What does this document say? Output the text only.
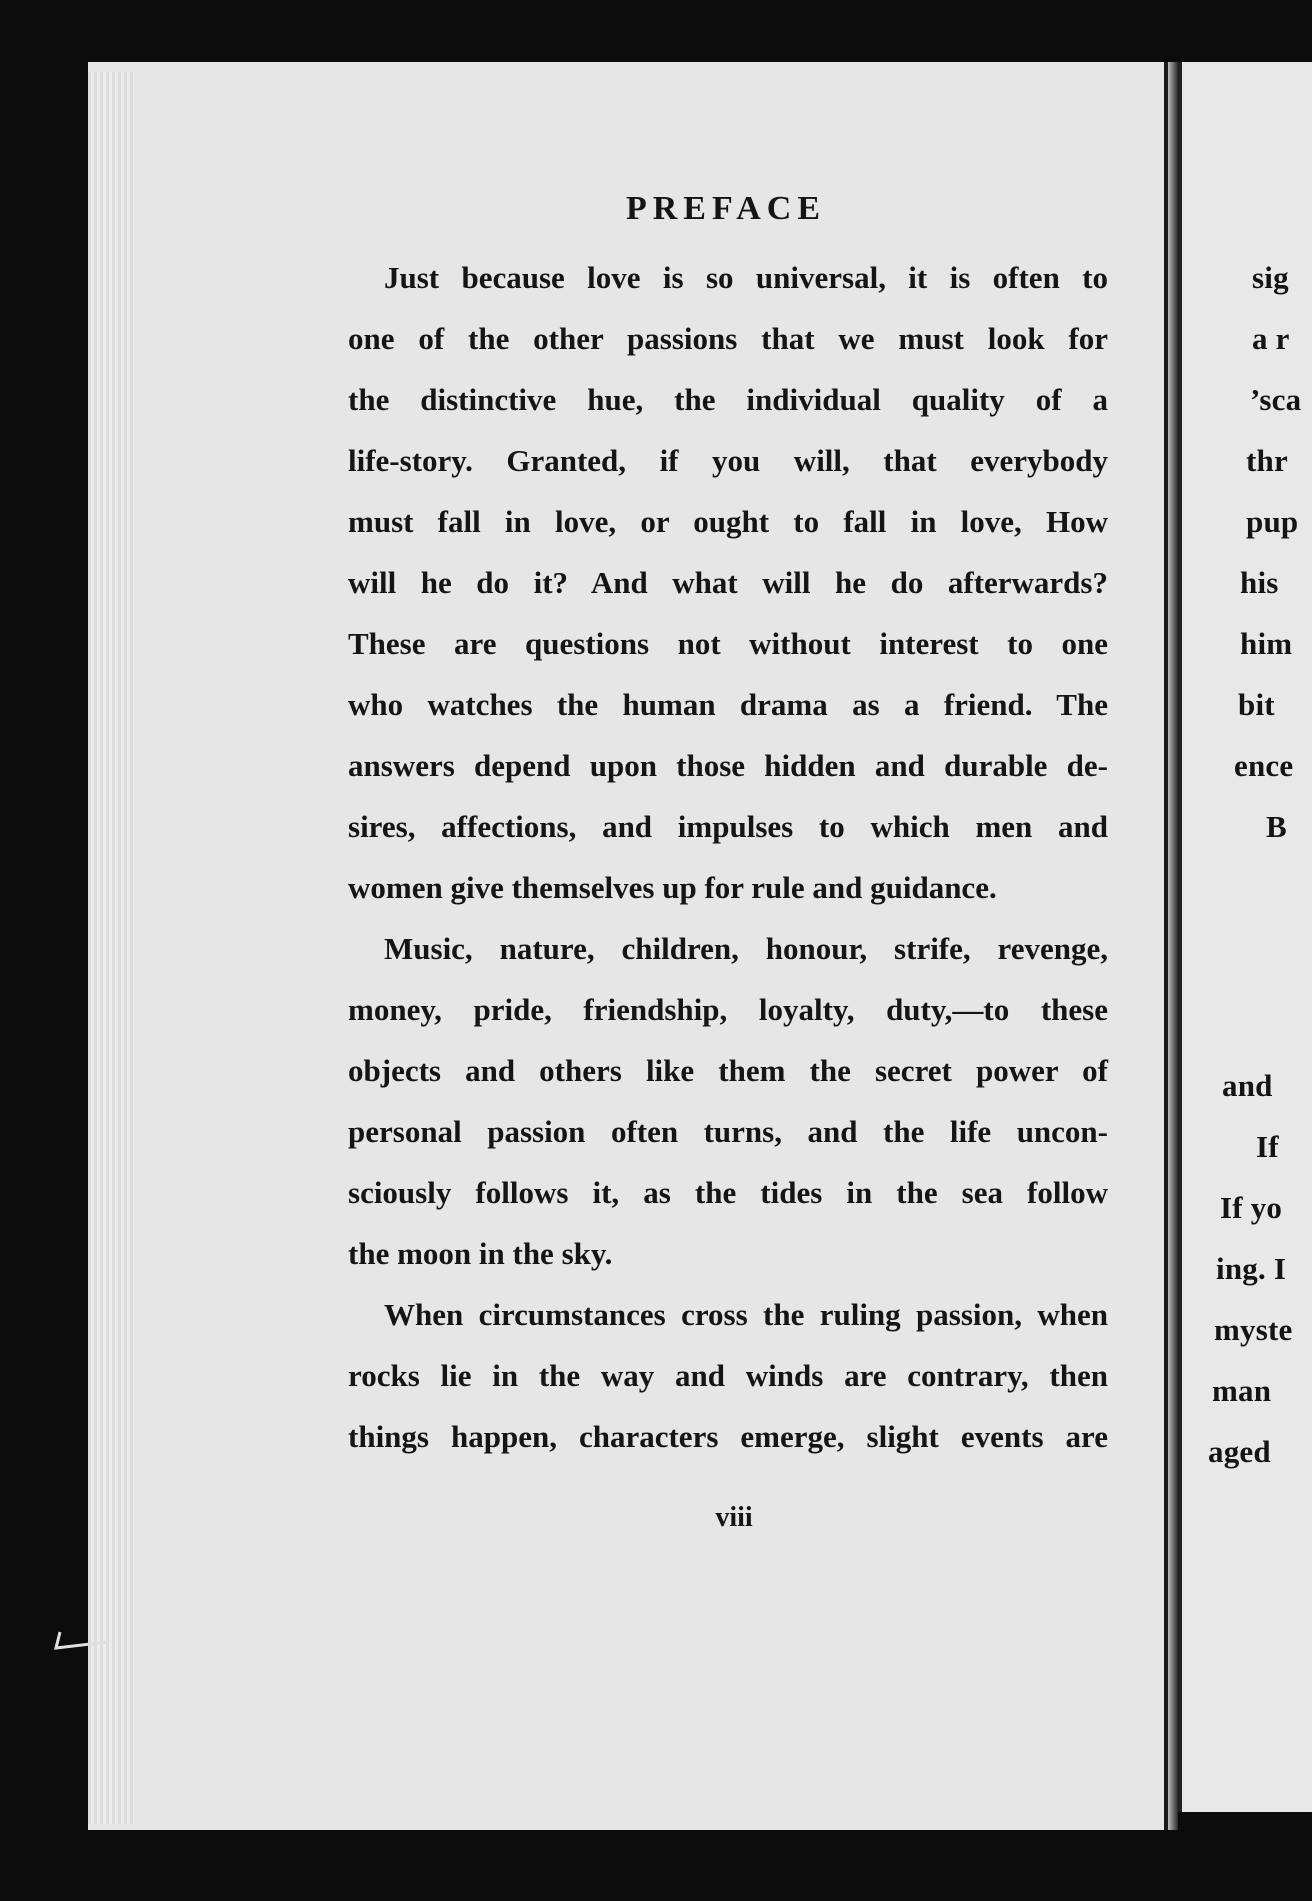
PREFACE
Just because love is so universal, it is often to
one of the other passions that we must look for
the distinctive hue, the individual quality of a
life-story. Granted, if you will, that everybody
must fall in love, or ought to fall in love, How
will he do it? And what will he do afterwards?
These are questions not without interest to one
who watches the human drama as a friend. The
answers depend upon those hidden and durable de-
sires, affections, and impulses to which men and
women give themselves up for rule and guidance.
Music, nature, children, honour, strife, revenge,
money, pride, friendship, loyalty, duty,—to these
objects and others like them the secret power of
personal passion often turns, and the life uncon-
sciously follows it, as the tides in the sea follow
the moon in the sky.
When circumstances cross the ruling passion, when
rocks lie in the way and winds are contrary, then
things happen, characters emerge, slight events are
viii
sig
a r
’sca
thr
pup
his
him
bit
ence
B
and
If
If yo
ing. I
myste
man
aged
